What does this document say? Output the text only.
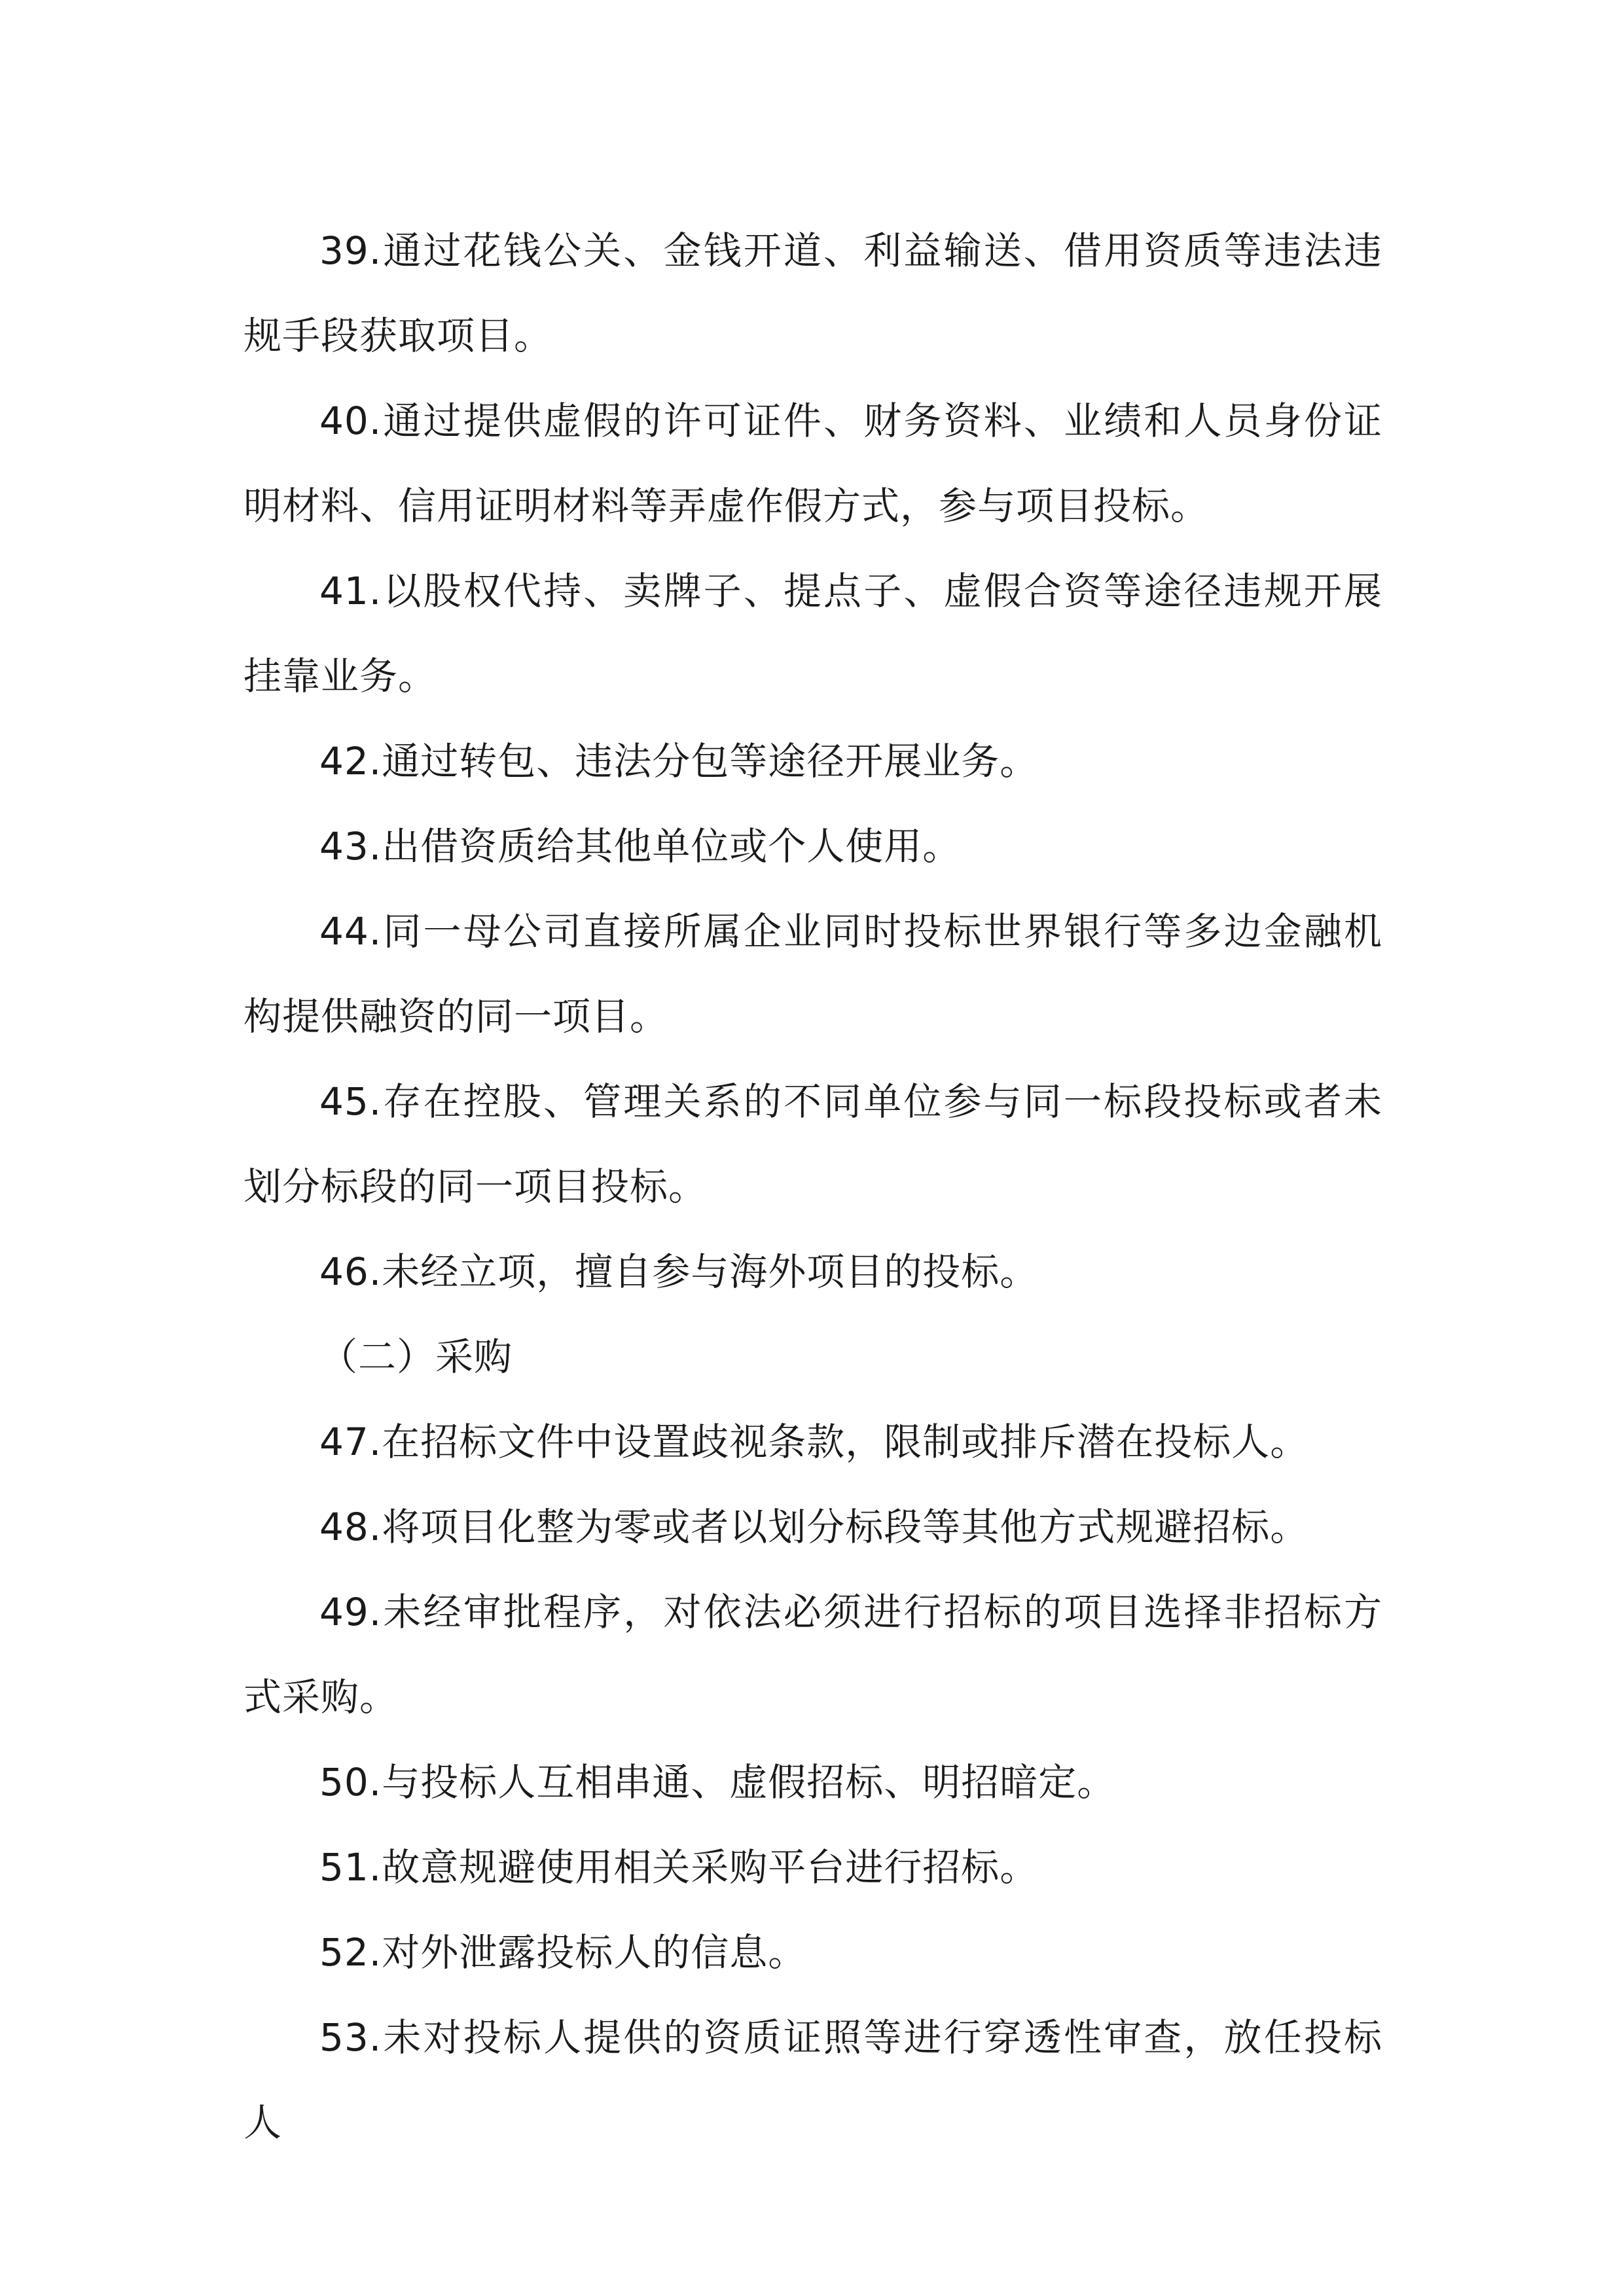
39.通过花钱公关、金钱开道、利益输送、借用资质等违法违规手段获取项目。

40.通过提供虚假的许可证件、财务资料、业绩和人员身份证明材料、信用证明材料等弄虚作假方式，参与项目投标。

41.以股权代持、卖牌子、提点子、虚假合资等途径违规开展挂靠业务。

42.通过转包、违法分包等途径开展业务。

43.出借资质给其他单位或个人使用。

44.同一母公司直接所属企业同时投标世界银行等多边金融机构提供融资的同一项目。

45.存在控股、管理关系的不同单位参与同一标段投标或者未划分标段的同一项目投标。

46.未经立项，擅自参与海外项目的投标。

（二）采购

47.在招标文件中设置歧视条款，限制或排斥潜在投标人。

48.将项目化整为零或者以划分标段等其他方式规避招标。

49.未经审批程序，对依法必须进行招标的项目选择非招标方式采购。

50.与投标人互相串通、虚假招标、明招暗定。

51.故意规避使用相关采购平台进行招标。

52.对外泄露投标人的信息。

53.未对投标人提供的资质证照等进行穿透性审查，放任投标人
